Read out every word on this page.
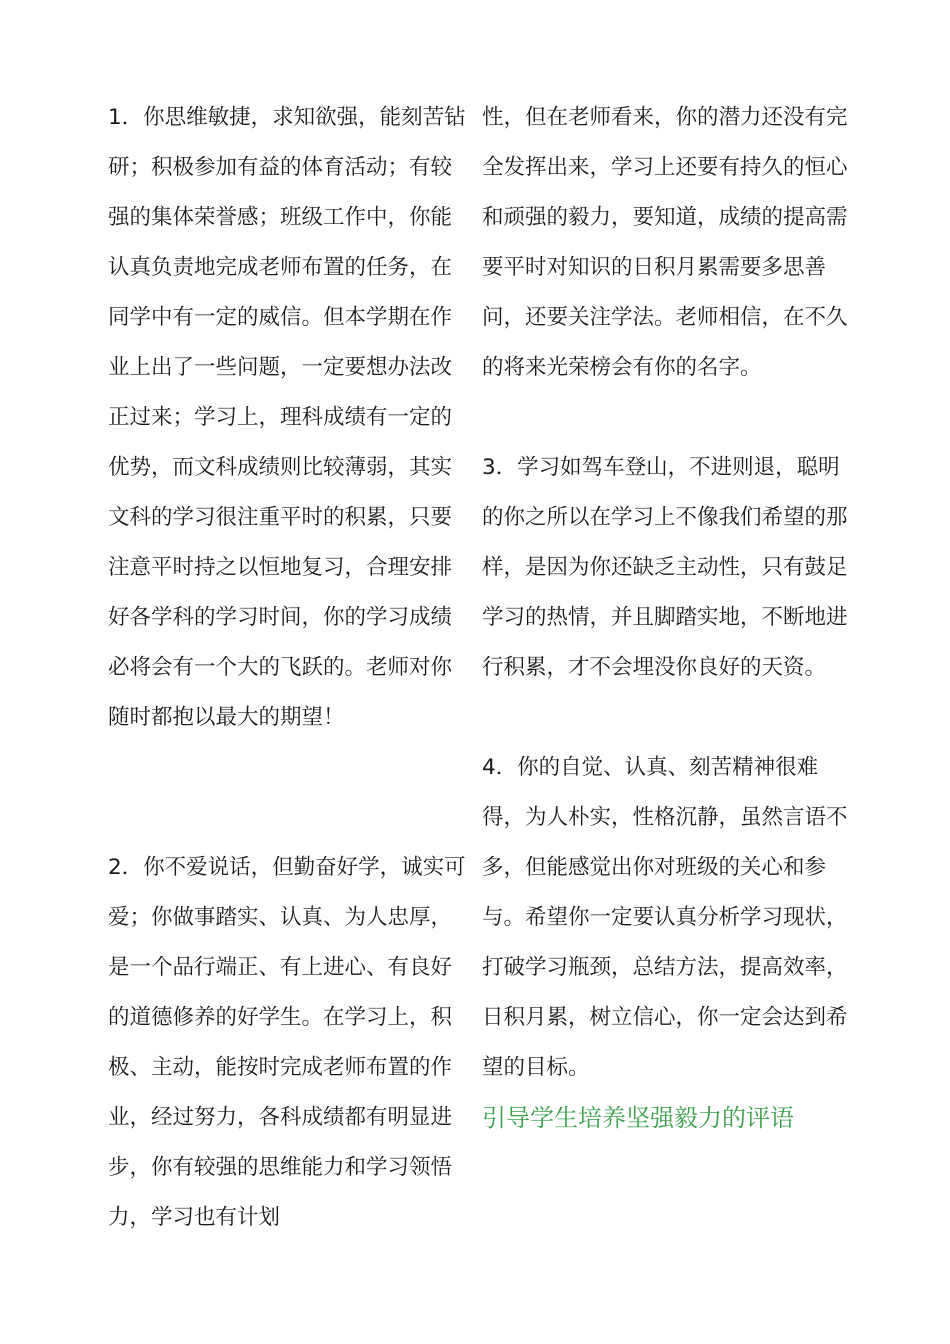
1．你思维敏捷，求知欲强，能刻苦钻研；积极参加有益的体育活动；有较强的集体荣誉感；班级工作中，你能认真负责地完成老师布置的任务，在同学中有一定的威信。但本学期在作业上出了一些问题，一定要想办法改正过来；学习上，理科成绩有一定的优势，而文科成绩则比较薄弱，其实文科的学习很注重平时的积累，只要注意平时持之以恒地复习，合理安排好各学科的学习时间，你的学习成绩必将会有一个大的飞跃的。老师对你随时都抱以最大的期望！

2．你不爱说话，但勤奋好学，诚实可爱；你做事踏实、认真、为人忠厚，是一个品行端正、有上进心、有良好的道德修养的好学生。在学习上，积极、主动，能按时完成老师布置的作业，经过努力，各科成绩都有明显进步，你有较强的思维能力和学习领悟力，学习也有计划

性，但在老师看来，你的潜力还没有完全发挥出来，学习上还要有持久的恒心和顽强的毅力，要知道，成绩的提高需要平时对知识的日积月累需要多思善问，还要关注学法。老师相信，在不久的将来光荣榜会有你的名字。

3．学习如驾车登山，不进则退，聪明的你之所以在学习上不像我们希望的那样，是因为你还缺乏主动性，只有鼓足学习的热情，并且脚踏实地，不断地进行积累，才不会埋没你良好的天资。

4．你的自觉、认真、刻苦精神很难得，为人朴实，性格沉静，虽然言语不多，但能感觉出你对班级的关心和参与。希望你一定要认真分析学习现状，打破学习瓶颈，总结方法，提高效率，日积月累，树立信心，你一定会达到希望的目标。

引导学生培养坚强毅力的评语
